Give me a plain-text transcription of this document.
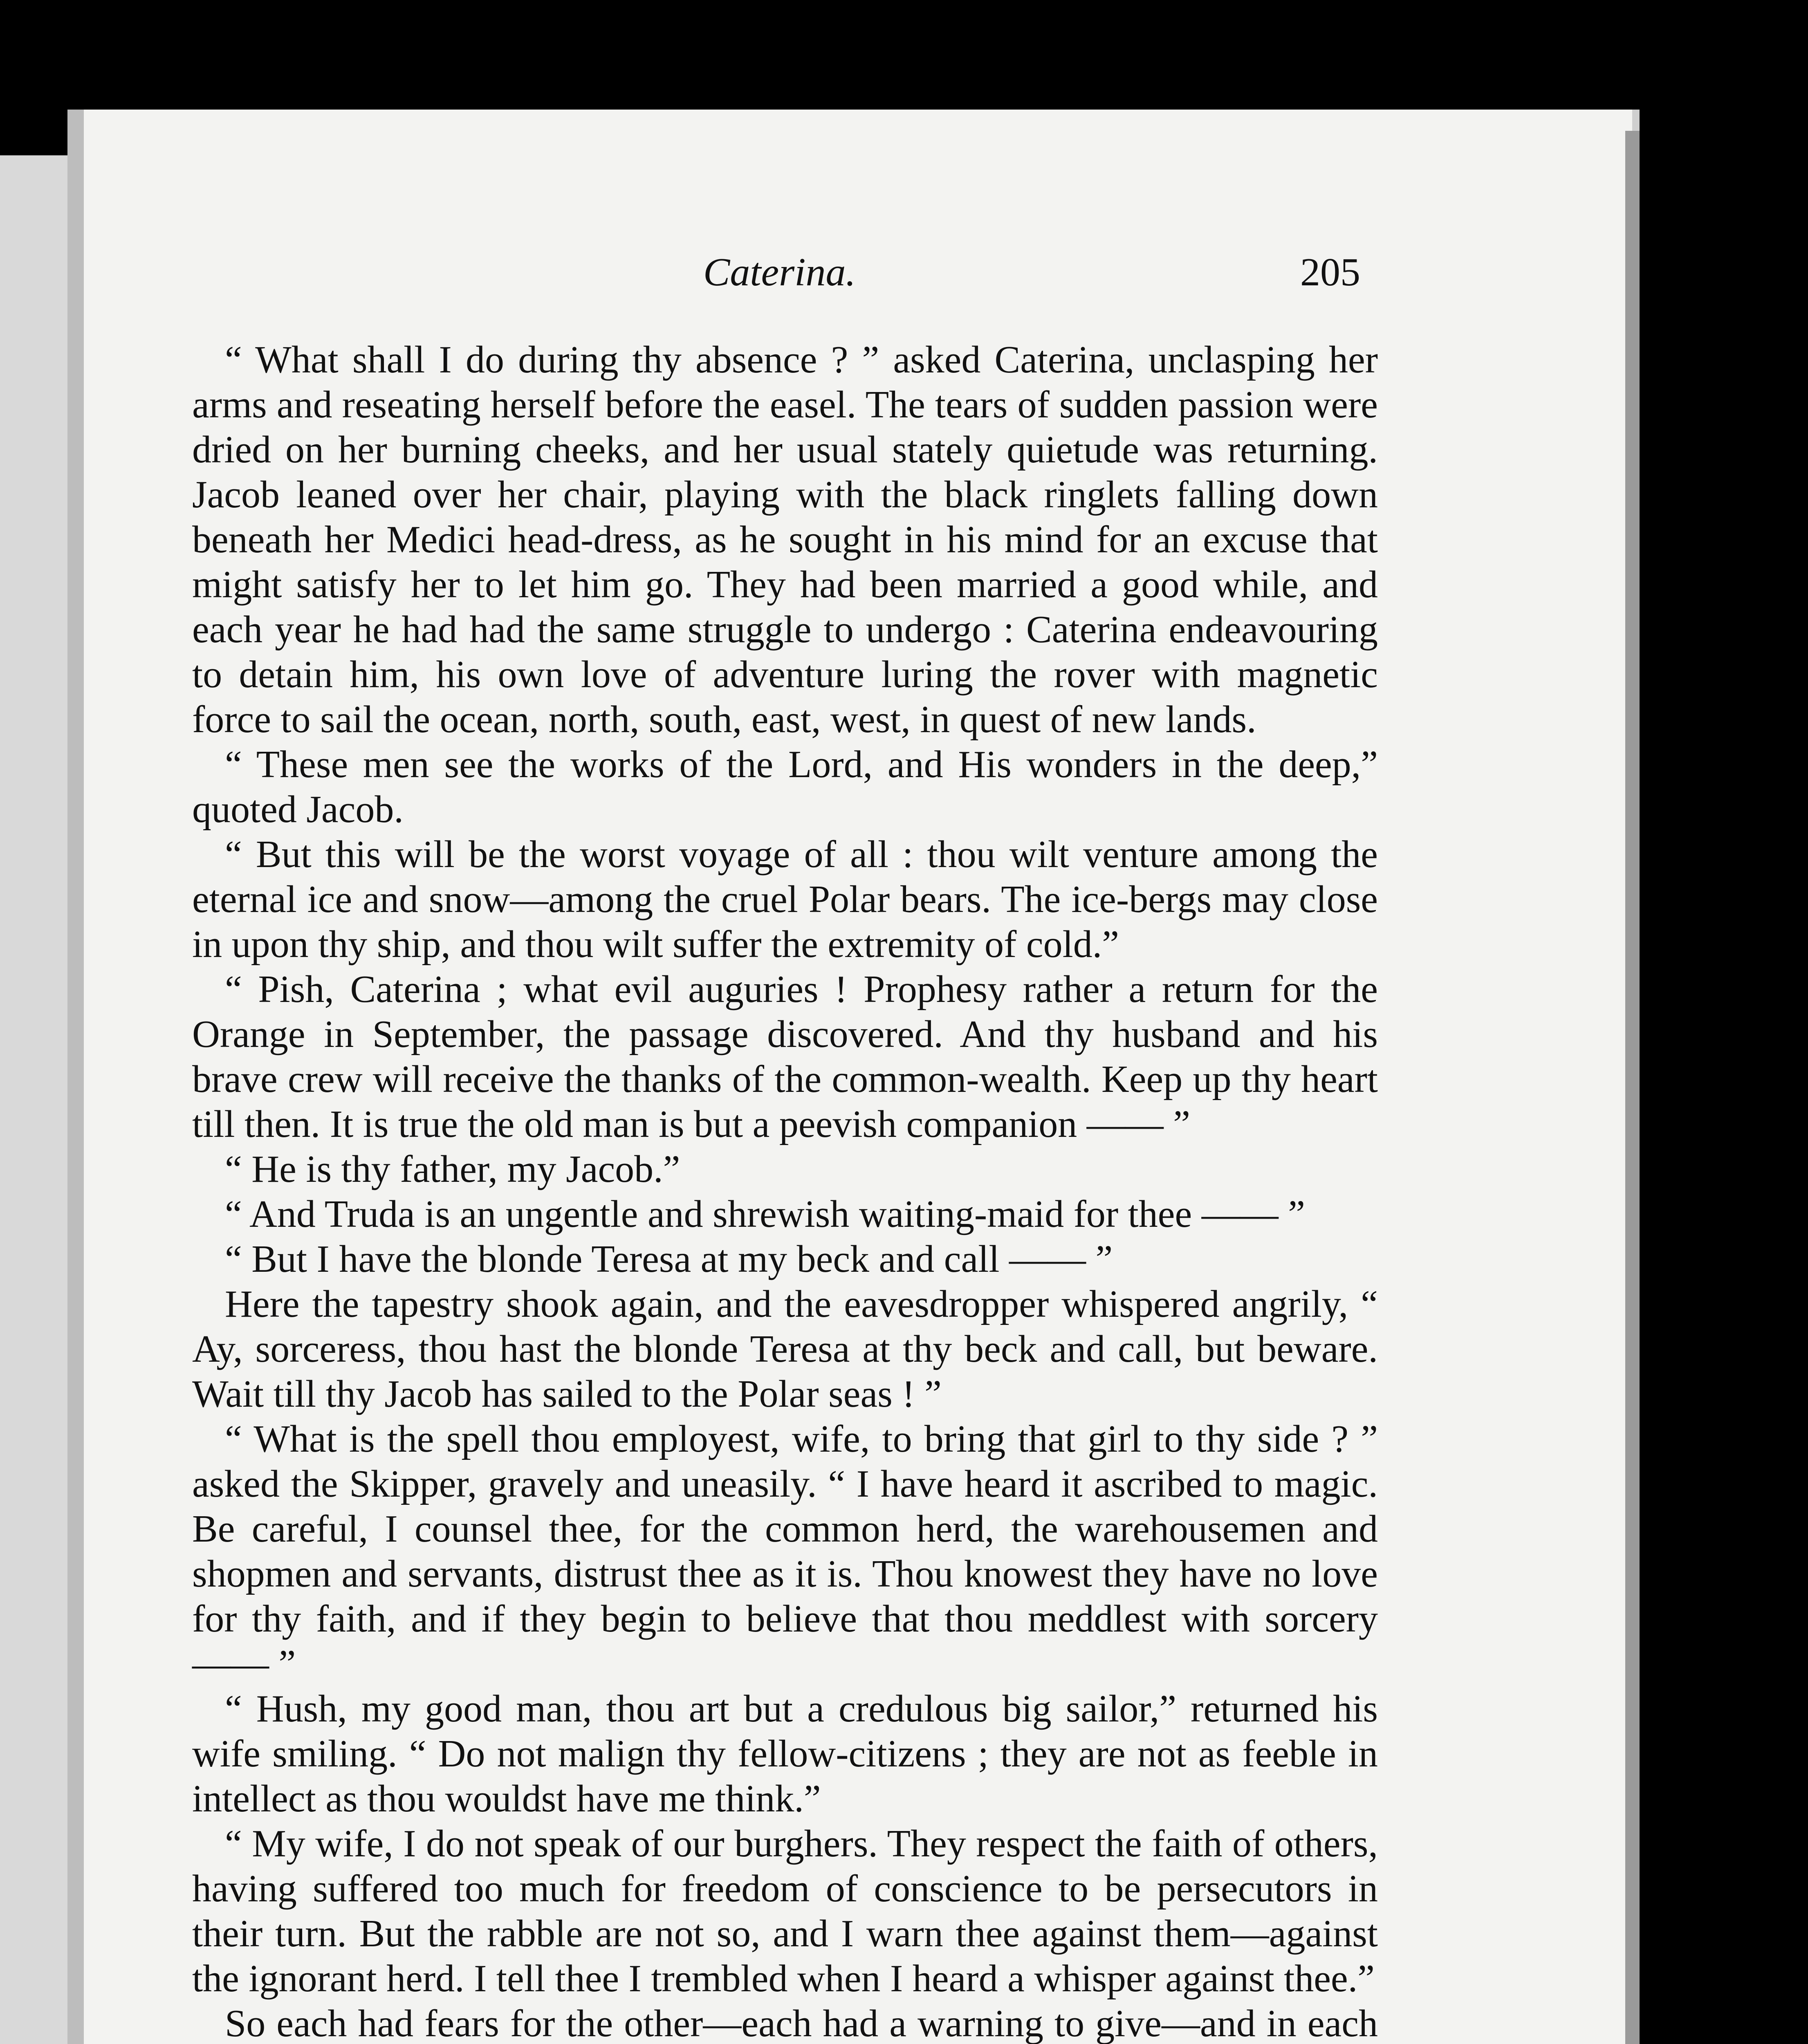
Caterina.	205

“ What shall I do during thy absence ? ” asked Caterina, unclasping her arms and reseating herself before the easel. The tears of sudden passion were dried on her burning cheeks, and her usual stately quietude was returning. Jacob leaned over her chair, playing with the black ringlets falling down beneath her Medici head-dress, as he sought in his mind for an excuse that might satisfy her to let him go. They had been married a good while, and each year he had had the same struggle to undergo : Caterina endeavouring to detain him, his own love of adventure luring the rover with magnetic force to sail the ocean, north, south, east, west, in quest of new lands.

“ These men see the works of the Lord, and His wonders in the deep,” quoted Jacob.

“ But this will be the worst voyage of all : thou wilt venture among the eternal ice and snow—among the cruel Polar bears. The ice-bergs may close in upon thy ship, and thou wilt suffer the extremity of cold.”

“ Pish, Caterina ; what evil auguries ! Prophesy rather a return for the Orange in September, the passage discovered. And thy husband and his brave crew will receive the thanks of the common-wealth. Keep up thy heart till then. It is true the old man is but a peevish companion —— ”

“ He is thy father, my Jacob.”

“ And Truda is an ungentle and shrewish waiting-maid for thee —— ”

“ But I have the blonde Teresa at my beck and call —— ”

Here the tapestry shook again, and the eavesdropper whispered angrily, “ Ay, sorceress, thou hast the blonde Teresa at thy beck and call, but beware. Wait till thy Jacob has sailed to the Polar seas ! ”

“ What is the spell thou employest, wife, to bring that girl to thy side ? ” asked the Skipper, gravely and uneasily. “ I have heard it ascribed to magic. Be careful, I counsel thee, for the common herd, the warehousemen and shopmen and servants, distrust thee as it is. Thou knowest they have no love for thy faith, and if they begin to believe that thou meddlest with sorcery —— ”

“ Hush, my good man, thou art but a credulous big sailor,” returned his wife smiling. “ Do not malign thy fellow-citizens ; they are not as feeble in intellect as thou wouldst have me think.”

“ My wife, I do not speak of our burghers. They respect the faith of others, having suffered too much for freedom of conscience to be persecutors in their turn. But the rabble are not so, and I warn thee against them—against the ignorant herd. I tell thee I trembled when I heard a whisper against thee.”

So each had fears for the other—each had a warning to give—and in each
